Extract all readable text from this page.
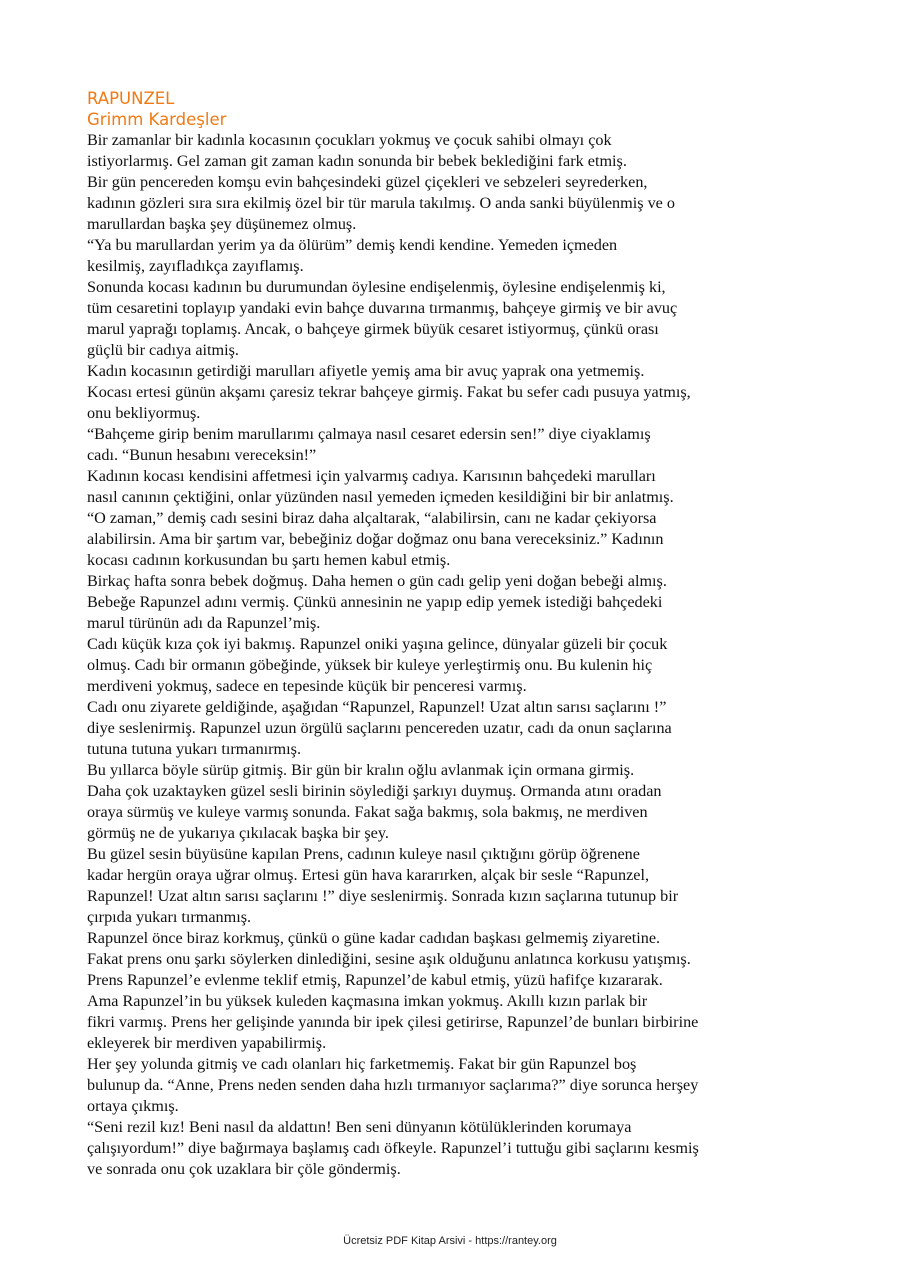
RAPUNZEL

Grimm Kardeşler

Bir zamanlar bir kadınla kocasının çocukları yokmuş ve çocuk sahibi olmayı çok

istiyorlarmış. Gel zaman git zaman kadın sonunda bir bebek beklediğini fark etmiş.

Bir gün pencereden komşu evin bahçesindeki güzel çiçekleri ve sebzeleri seyrederken,

kadının gözleri sıra sıra ekilmiş özel bir tür marula takılmış. O anda sanki büyülenmiş ve o

marullardan başka şey düşünemez olmuş.

“Ya bu marullardan yerim ya da ölürüm” demiş kendi kendine. Yemeden içmeden

kesilmiş, zayıfladıkça zayıflamış.

Sonunda kocası kadının bu durumundan öylesine endişelenmiş, öylesine endişelenmiş ki,

tüm cesaretini toplayıp yandaki evin bahçe duvarına tırmanmış, bahçeye girmiş ve bir avuç

marul yaprağı toplamış. Ancak, o bahçeye girmek büyük cesaret istiyormuş, çünkü orası

güçlü bir cadıya aitmiş.

Kadın kocasının getirdiği marulları afiyetle yemiş ama bir avuç yaprak ona yetmemiş.

Kocası ertesi günün akşamı çaresiz tekrar bahçeye girmiş. Fakat bu sefer cadı pusuya yatmış,

onu bekliyormuş.

“Bahçeme girip benim marullarımı çalmaya nasıl cesaret edersin sen!” diye ciyaklamış

cadı. “Bunun hesabını vereceksin!”

Kadının kocası kendisini affetmesi için yalvarmış cadıya. Karısının bahçedeki marulları

nasıl canının çektiğini, onlar yüzünden nasıl yemeden içmeden kesildiğini bir bir anlatmış.

“O zaman,” demiş cadı sesini biraz daha alçaltarak, “alabilirsin, canı ne kadar çekiyorsa

alabilirsin. Ama bir şartım var, bebeğiniz doğar doğmaz onu bana vereceksiniz.” Kadının

kocası cadının korkusundan bu şartı hemen kabul etmiş.

Birkaç hafta sonra bebek doğmuş. Daha hemen o gün cadı gelip yeni doğan bebeği almış.

Bebeğe Rapunzel adını vermiş. Çünkü annesinin ne yapıp edip yemek istediği bahçedeki

marul türünün adı da Rapunzel’miş.

Cadı küçük kıza çok iyi bakmış. Rapunzel oniki yaşına gelince, dünyalar güzeli bir çocuk

olmuş. Cadı bir ormanın göbeğinde, yüksek bir kuleye yerleştirmiş onu. Bu kulenin hiç

merdiveni yokmuş, sadece en tepesinde küçük bir penceresi varmış.

Cadı onu ziyarete geldiğinde, aşağıdan “Rapunzel, Rapunzel! Uzat altın sarısı saçlarını !”

diye seslenirmiş. Rapunzel uzun örgülü saçlarını pencereden uzatır, cadı da onun saçlarına

tutuna tutuna yukarı tırmanırmış.

Bu yıllarca böyle sürüp gitmiş. Bir gün bir kralın oğlu avlanmak için ormana girmiş.

Daha çok uzaktayken güzel sesli birinin söylediği şarkıyı duymuş. Ormanda atını oradan

oraya sürmüş ve kuleye varmış sonunda. Fakat sağa bakmış, sola bakmış, ne merdiven

görmüş ne de yukarıya çıkılacak başka bir şey.

Bu güzel sesin büyüsüne kapılan Prens, cadının kuleye nasıl çıktığını görüp öğrenene

kadar hergün oraya uğrar olmuş. Ertesi gün hava kararırken, alçak bir sesle “Rapunzel,

Rapunzel! Uzat altın sarısı saçlarını !” diye seslenirmiş. Sonrada kızın saçlarına tutunup bir

çırpıda yukarı tırmanmış.

Rapunzel önce biraz korkmuş, çünkü o güne kadar cadıdan başkası gelmemiş ziyaretine.

Fakat prens onu şarkı söylerken dinlediğini, sesine aşık olduğunu anlatınca korkusu yatışmış.

Prens Rapunzel’e evlenme teklif etmiş, Rapunzel’de kabul etmiş, yüzü hafifçe kızararak.

Ama Rapunzel’in bu yüksek kuleden kaçmasına imkan yokmuş. Akıllı kızın parlak bir

fikri varmış. Prens her gelişinde yanında bir ipek çilesi getirirse, Rapunzel’de bunları birbirine

ekleyerek bir merdiven yapabilirmiş.

Her şey yolunda gitmiş ve cadı olanları hiç farketmemiş. Fakat bir gün Rapunzel boş

bulunup da. “Anne, Prens neden senden daha hızlı tırmanıyor saçlarıma?” diye sorunca herşey

ortaya çıkmış.

“Seni rezil kız! Beni nasıl da aldattın! Ben seni dünyanın kötülüklerinden korumaya

çalışıyordum!” diye bağırmaya başlamış cadı öfkeyle. Rapunzel’i tuttuğu gibi saçlarını kesmiş

ve sonrada onu çok uzaklara bir çöle göndermiş.

Ücretsiz PDF Kitap Arsivi - https://rantey.org
